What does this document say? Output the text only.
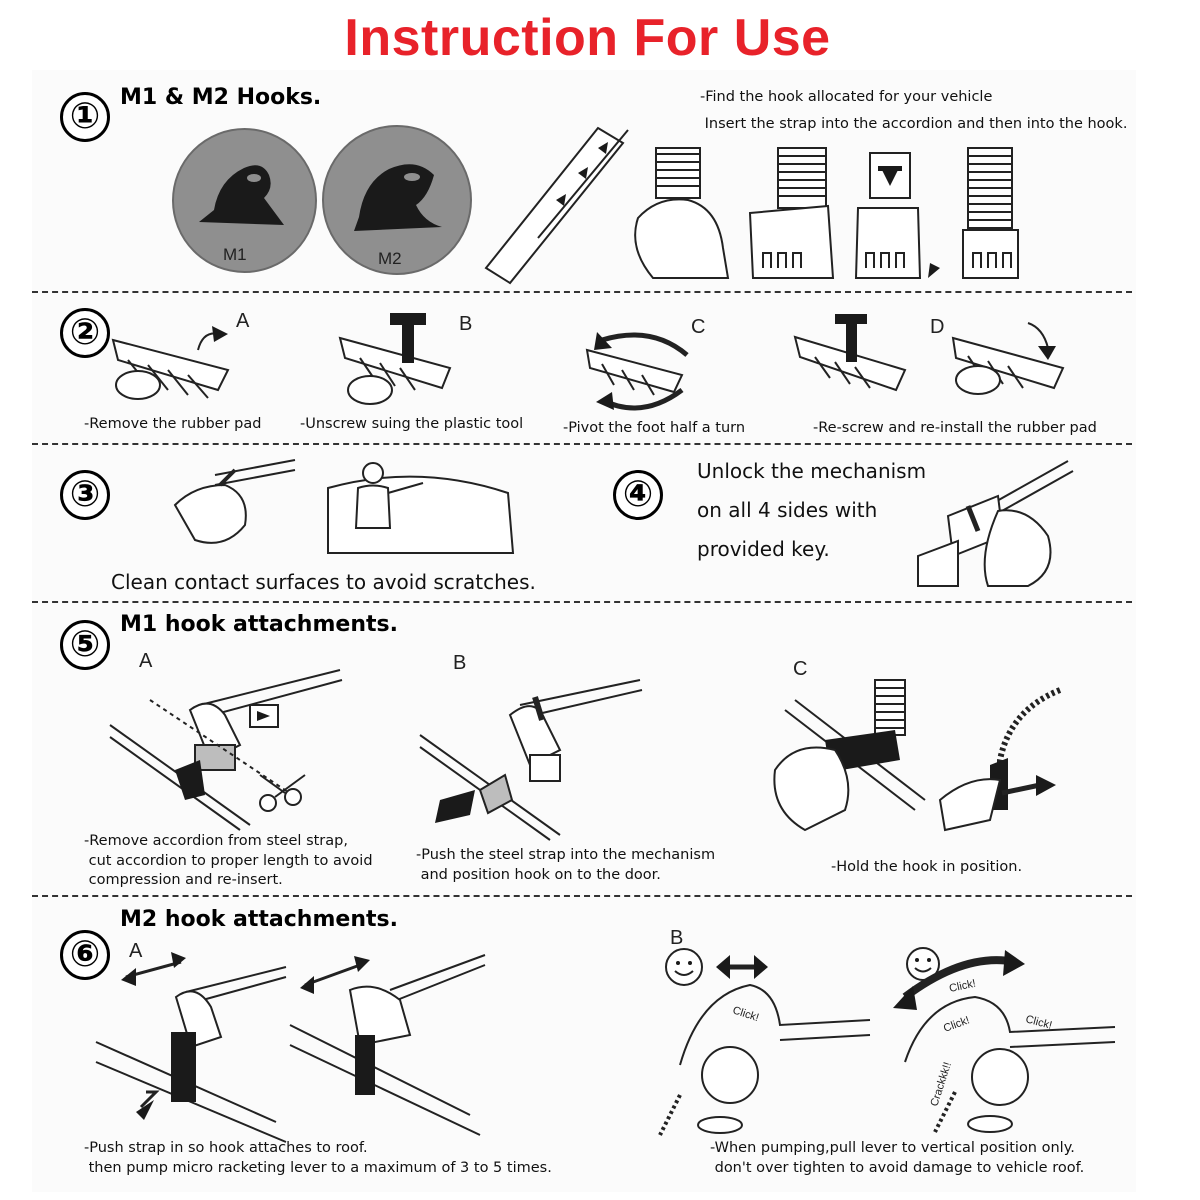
Instruction For Use
① M1 & M2 Hooks.	-Find the hook allocated for your vehicle
Insert the strap into the accordion and then into the hook.
M1	M2
②	A	B	C	D
-Remove the rubber pad	-Unscrew suing the plastic tool	-Pivot the foot half a turn	-Re-screw and re-install the rubber pad
③
Clean contact surfaces to avoid scratches.
④
Unlock the mechanism

on all 4 sides with

provided key.
⑤ M1 hook attachments.
A	B	C
-Remove accordion from steel strap,
cut accordion to proper length to avoid
compression and re-insert.
-Push the steel strap into the mechanism
and position hook on to the door.	-Hold the hook in position.
⑥
M2 hook attachments.
A
B
Click!
Click!
Click!	Click!
Crackkk!!
-Push strap in so hook attaches to roof.
then pump micro racketing lever to a maximum of 3 to 5 times.
-When pumping,pull lever to vertical position only.
don't over tighten to avoid damage to vehicle roof.
